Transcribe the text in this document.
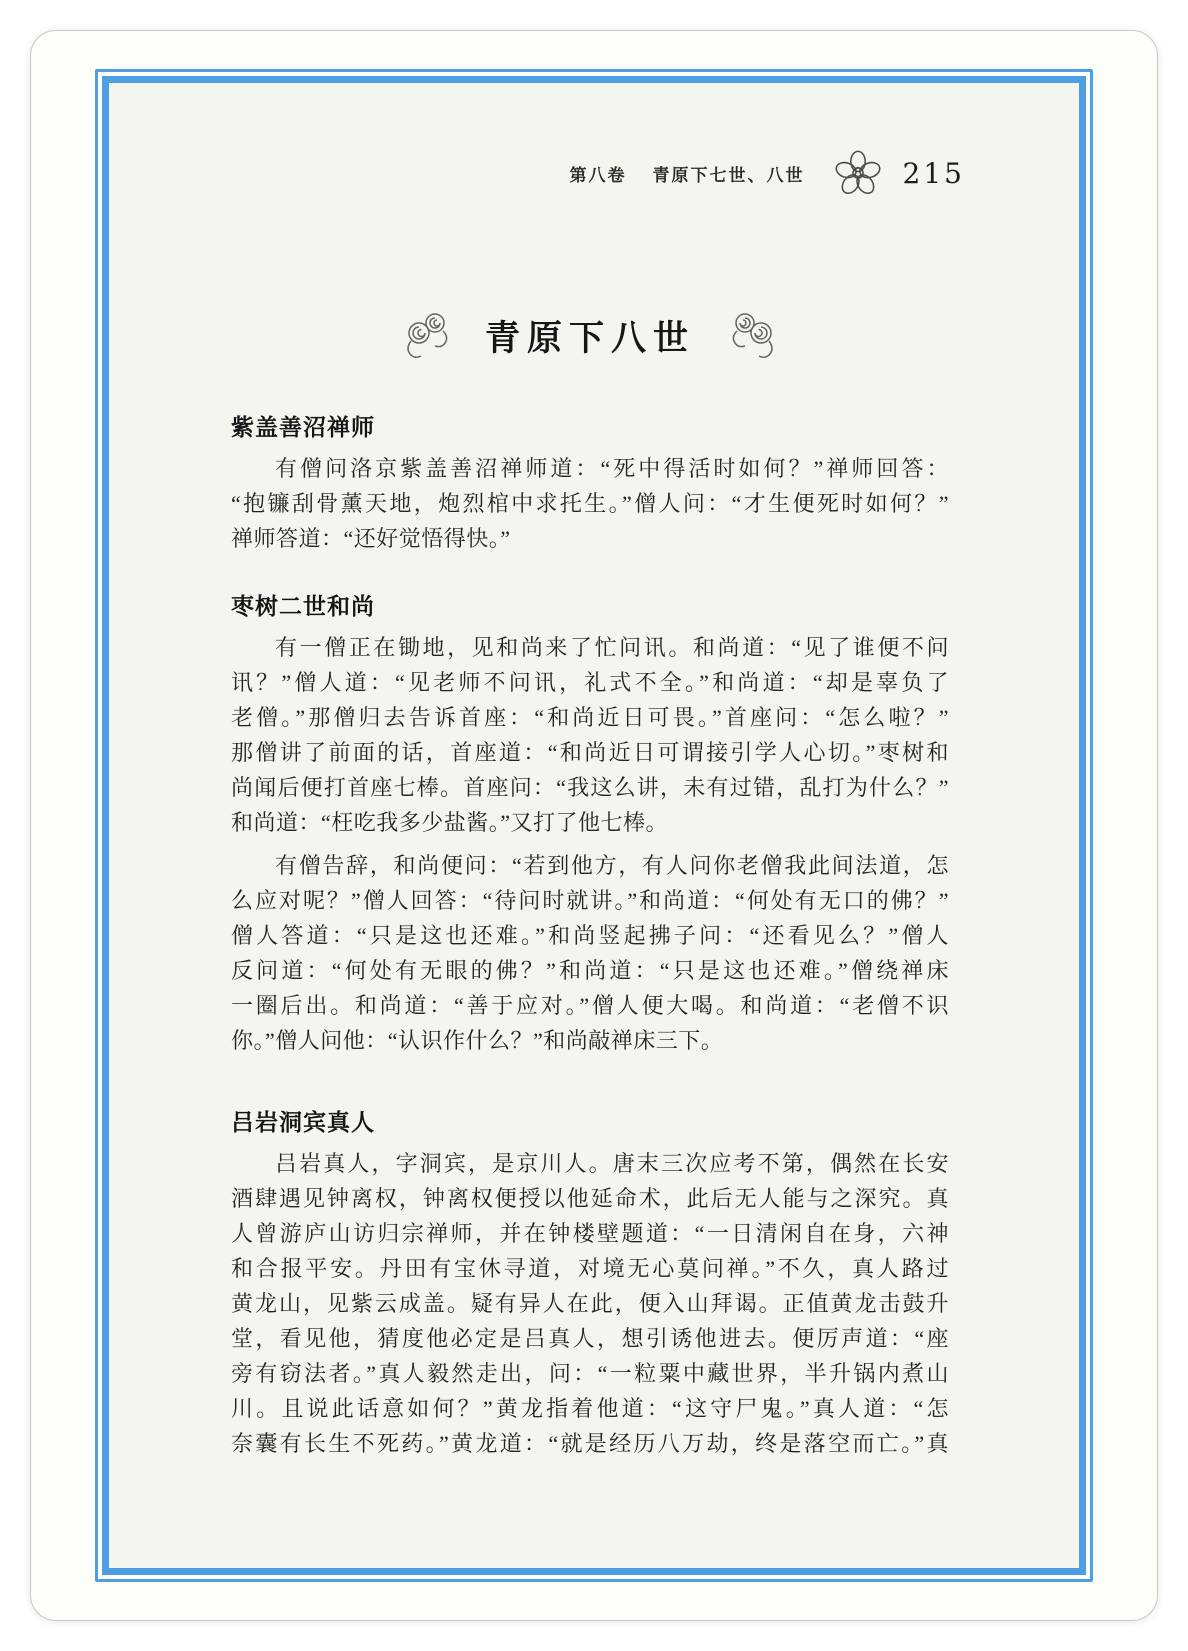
第八卷 青原下七世、八世	215
青原下八世
紫盖善沼禅师
有僧问洛京紫盖善沼禅师道：“死中得活时如何？”禅师回答：
“抱镰刮骨薰天地，炮烈棺中求托生。”僧人问：“才生便死时如何？”
禅师答道：“还好觉悟得快。”
枣树二世和尚
有一僧正在锄地，见和尚来了忙问讯。和尚道：“见了谁便不问
讯？”僧人道：“见老师不问讯，礼式不全。”和尚道：“却是辜负了
老僧。”那僧归去告诉首座：“和尚近日可畏。”首座问：“怎么啦？”
那僧讲了前面的话，首座道：“和尚近日可谓接引学人心切。”枣树和
尚闻后便打首座七棒。首座问：“我这么讲，未有过错，乱打为什么？”
和尚道：“枉吃我多少盐酱。”又打了他七棒。
有僧告辞，和尚便问：“若到他方，有人问你老僧我此间法道，怎
么应对呢？”僧人回答：“待问时就讲。”和尚道：“何处有无口的佛？”
僧人答道：“只是这也还难。”和尚竖起拂子问：“还看见么？”僧人
反问道：“何处有无眼的佛？”和尚道：“只是这也还难。”僧绕禅床
一圈后出。和尚道：“善于应对。”僧人便大喝。和尚道：“老僧不识
你。”僧人问他：“认识作什么？”和尚敲禅床三下。
吕岩洞宾真人
吕岩真人，字洞宾，是京川人。唐末三次应考不第，偶然在长安
酒肆遇见钟离权，钟离权便授以他延命术，此后无人能与之深究。真
人曾游庐山访归宗禅师，并在钟楼壁题道：“一日清闲自在身，六神
和合报平安。丹田有宝休寻道，对境无心莫问禅。”不久，真人路过
黄龙山，见紫云成盖。疑有异人在此，便入山拜谒。正值黄龙击鼓升
堂，看见他，猜度他必定是吕真人，想引诱他进去。便厉声道：“座
旁有窃法者。”真人毅然走出，问：“一粒粟中藏世界，半升锅内煮山
川。且说此话意如何？”黄龙指着他道：“这守尸鬼。”真人道：“怎
奈囊有长生不死药。”黄龙道：“就是经历八万劫，终是落空而亡。”真
